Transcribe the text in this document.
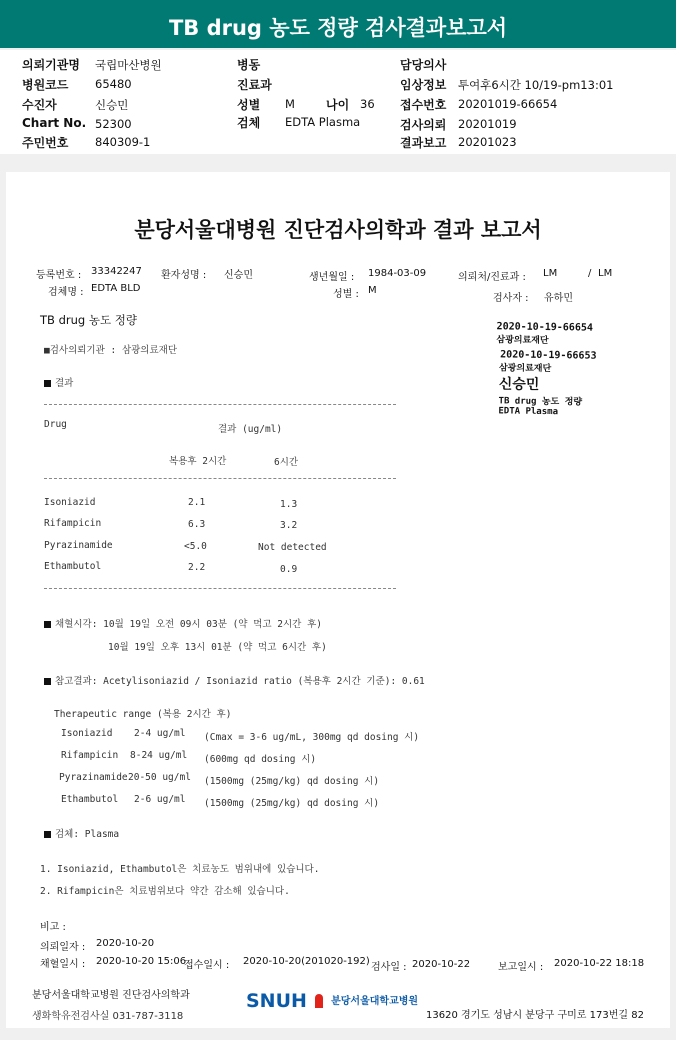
TB drug 농도 정량 검사결과보고서
의뢰기관명 국립마산병원
병원코드 65480
수진자	신승민
Chart No. 52300
주민번호 840309-1
병동
진료과
성별 M	나이 36
검체 EDTA Plasma
담당의사
임상정보 투여후6시간 10/19-pm13:01
접수번호 20201019-66654
검사의뢰 20201019
결과보고 20201023
분당서울대병원 진단검사의학과 결과 보고서
등록번호 : 33342247 환자성명 : 신승민	생년월일 : 1984-03-09	의뢰처/진료과 : LM	/ LM
검체명 : EDTA BLD
성별 : M
검사자 : 유하민
TB drug 농도 정량
■검사의뢰기관 : 삼광의료재단
결과
Drug	결과 (ug/ml)
복용후 2시간	6시간
Isoniazid	2.1	1.3
Rifampicin	6.3	3.2
Pyrazinamide	<5.0	Not detected
Ethambutol	2.2	0.9
채혈시각: 10월 19일 오전 09시 03분 (약 먹고 2시간 후)
10월 19일 오후 13시 01분 (약 먹고 6시간 후)
참고결과: Acetylisoniazid / Isoniazid ratio (복용후 2시간 기준): 0.61
Therapeutic range (복용 2시간 후)
Isoniazid 2-4 ug/ml (Cmax = 3-6 ug/mL, 300mg qd dosing 시)
Rifampicin 8-24 ug/ml (600mg qd dosing 시)
Pyrazinamide 20-50 ug/ml (1500mg (25mg/kg) qd dosing 시)
Ethambutol 2-6 ug/ml (1500mg (25mg/kg) qd dosing 시)
검체: Plasma
1. Isoniazid, Ethambutol은 치료농도 범위내에 있습니다.
2. Rifampicin은 치료범위보다 약간 감소해 있습니다.
비고 :
의뢰일자 : 2020-10-20
채혈일시 : 2020-10-20 15:06
접수일시 : 2020-10-20(201020-192)
검사일 : 2020-10-22	보고일시 : 2020-10-22 18:18
분당서울대학교병원 진단검사의학과
생화학유전검사실 031-787-3118
SNUH 분당서울대학교병원
13620 경기도 성남시 분당구 구미로 173번길 82
2020-10-19-66654
삼광의료재단
2020-10-19-66653
삼광의료재단
신승민
TB drug 농도 정량
EDTA Plasma
